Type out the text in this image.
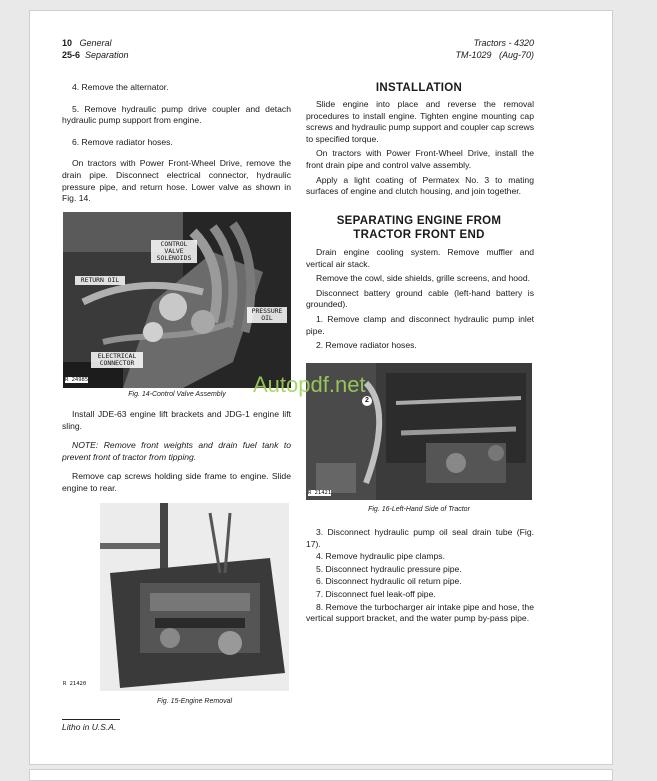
10 General
25-6 Separation
Tractors - 4320
TM-1029 (Aug-70)

4. Remove the alternator.

5. Remove hydraulic pump drive coupler and detach hydraulic pump support from engine.

6. Remove radiator hoses.

On tractors with Power Front-Wheel Drive, remove the drain pipe. Disconnect electrical connector, hydraulic pressure pipe, and return hose. Lower valve as shown in Fig. 14.

CONTROL VALVE SOLENOIDS
RETURN OIL
PRESSURE OIL
ELECTRICAL CONNECTOR
R 24985
Fig. 14-Control Valve Assembly

Install JDE-63 engine lift brackets and JDG-1 engine lift sling.

NOTE: Remove front weights and drain fuel tank to prevent front of tractor from tipping.

Remove cap screws holding side frame to engine. Slide engine to rear.

R 21420
Fig. 15-Engine Removal
Litho in U.S.A.
INSTALLATION

Slide engine into place and reverse the removal procedures to install engine. Tighten engine mounting cap screws and hydraulic pump support and coupler cap screws to specified torque.

On tractors with Power Front-Wheel Drive, install the front drain pipe and control valve assembly.

Apply a light coating of Permatex No. 3 to mating surfaces of engine and clutch housing, and join together.

SEPARATING ENGINE FROM
TRACTOR FRONT END

Drain engine cooling system. Remove muffler and vertical air stack.

Remove the cowl, side shields, grille screens, and hood.

Disconnect battery ground cable (left-hand battery is grounded).

1. Remove clamp and disconnect hydraulic pump inlet pipe.

2. Remove radiator hoses.

2
R 21421
Fig. 16-Left-Hand Side of Tractor

3. Disconnect hydraulic pump oil seal drain tube (Fig. 17).

4. Remove hydraulic pipe clamps.

5. Disconnect hydraulic pressure pipe.

6. Disconnect hydraulic oil return pipe.

7. Disconnect fuel leak-off pipe.

8. Remove the turbocharger air intake pipe and hose, the vertical support bracket, and the water pump by-pass pipe.

Autopdf.net
